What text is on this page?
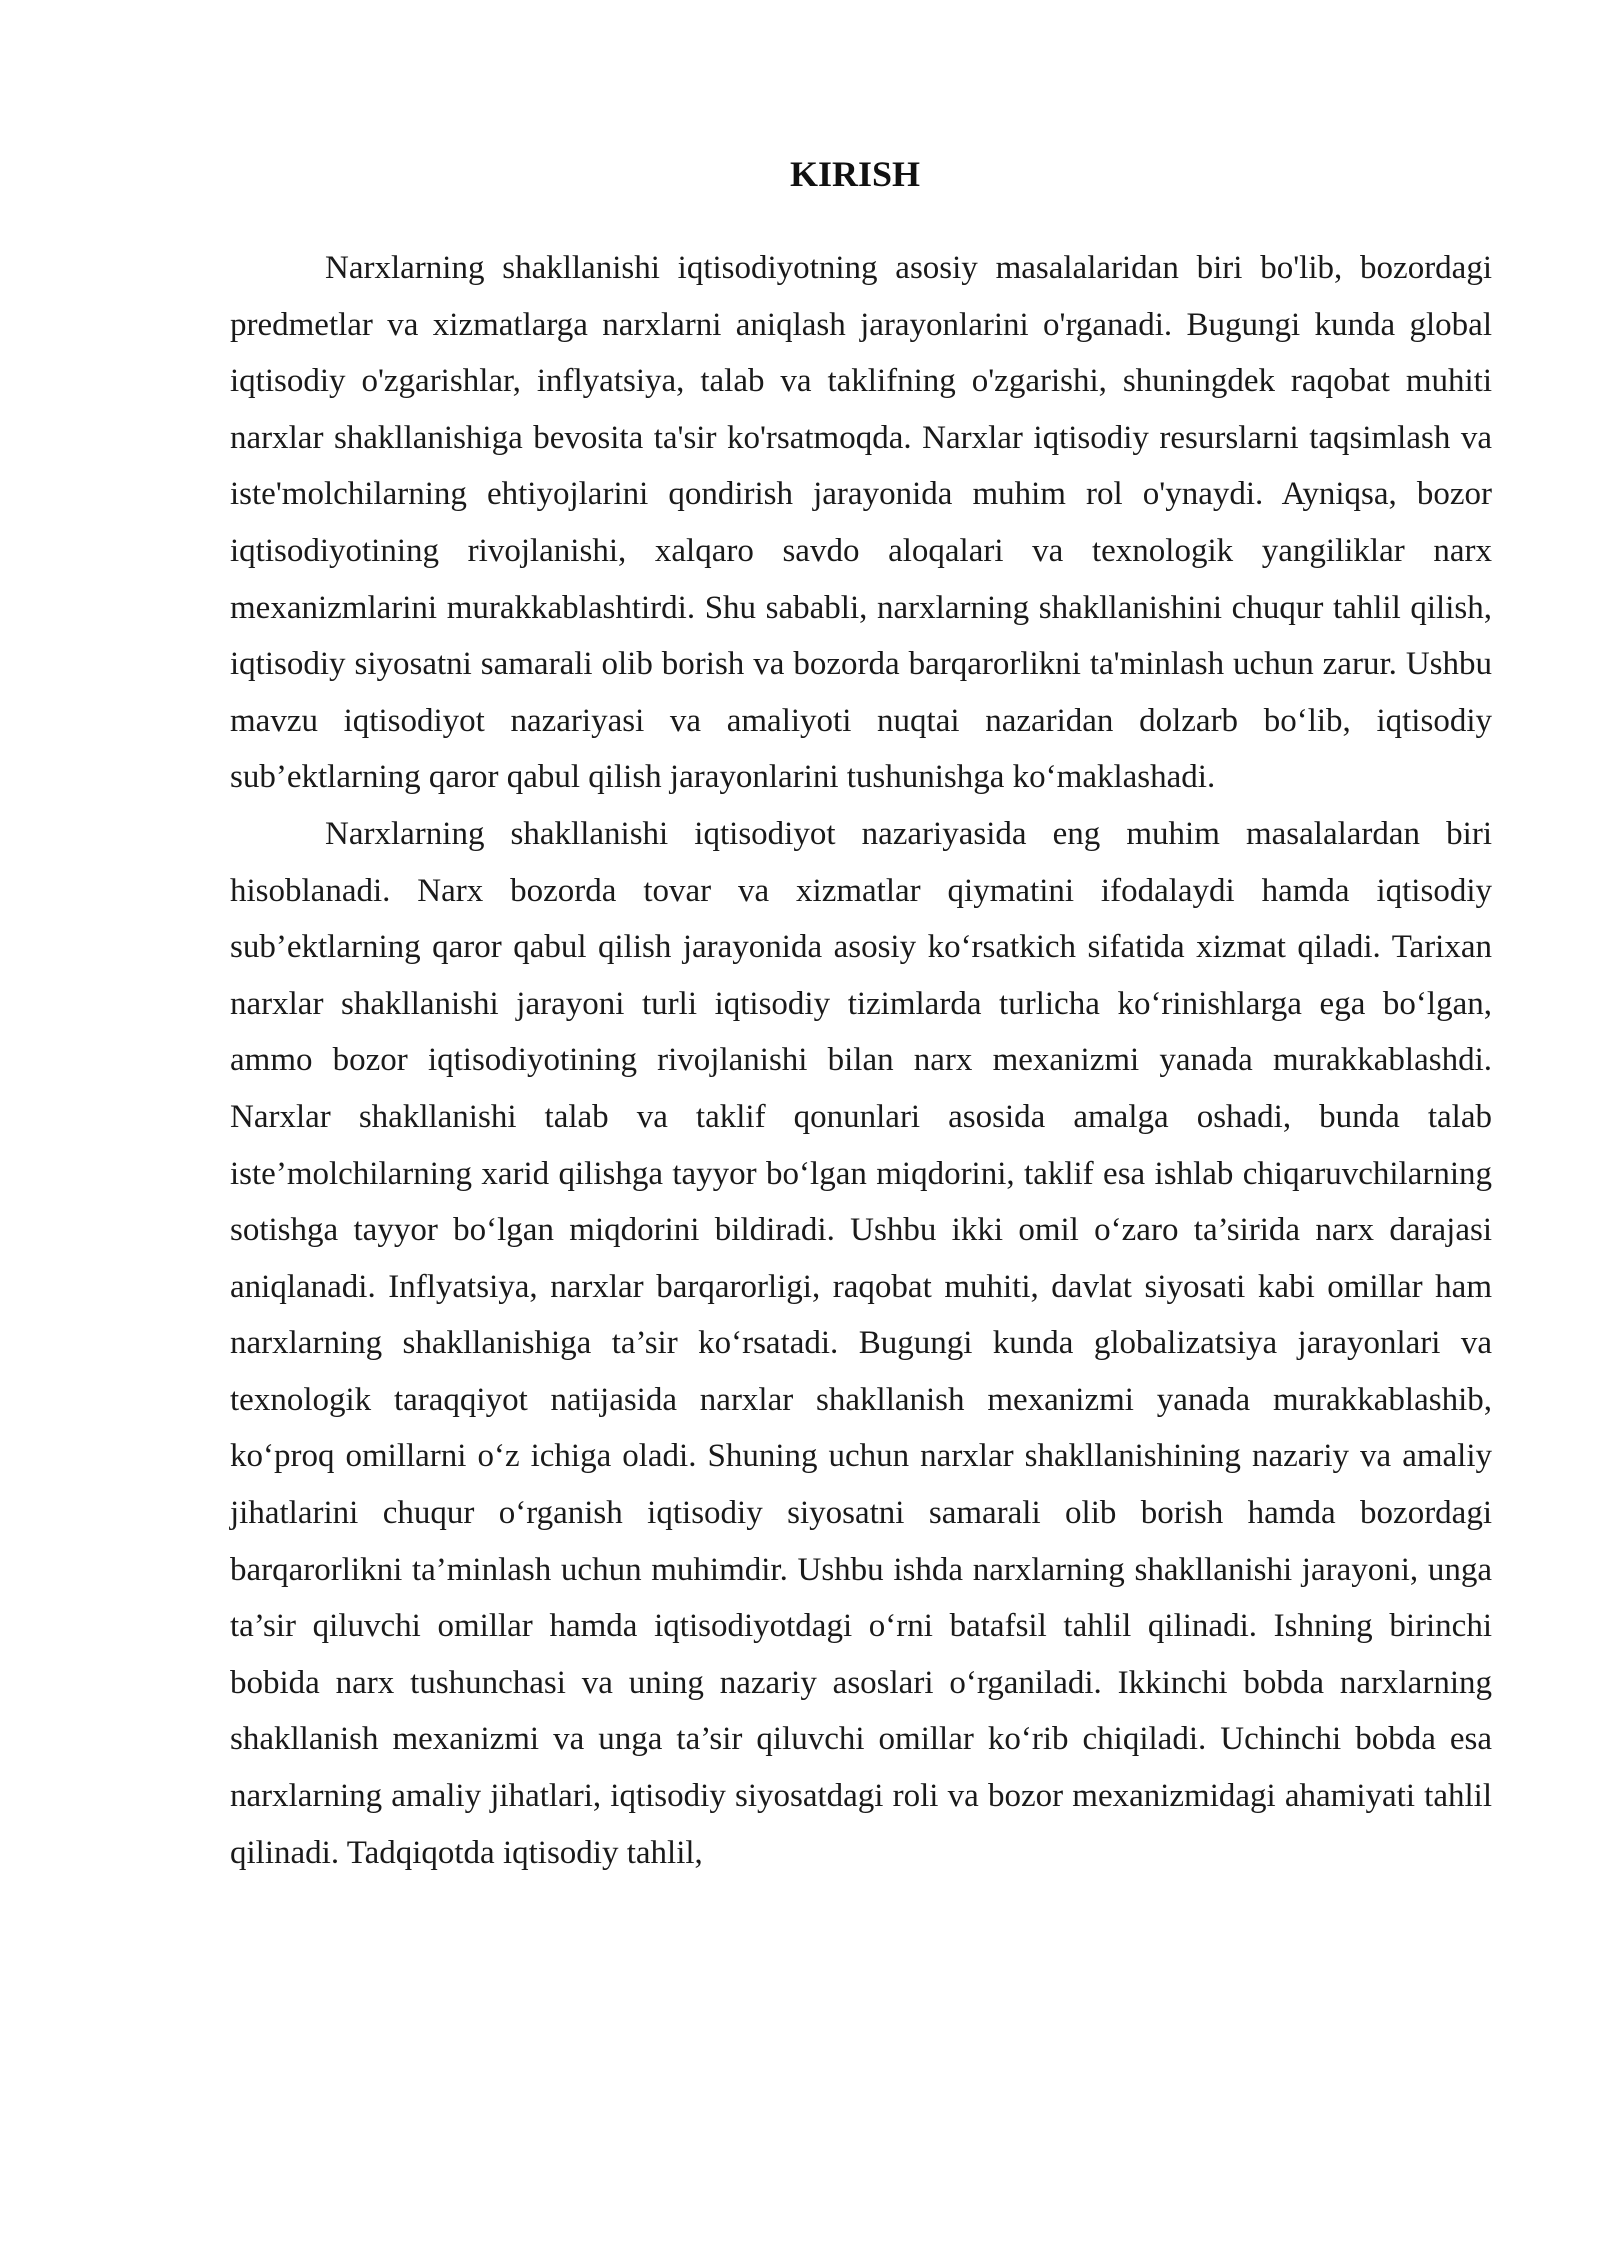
KIRISH

Narxlarning shakllanishi iqtisodiyotning asosiy masalalaridan biri bo'lib, bozordagi predmetlar va xizmatlarga narxlarni aniqlash jarayonlarini o'rganadi. Bugungi kunda global iqtisodiy o'zgarishlar, inflyatsiya, talab va taklifning o'zgarishi, shuningdek raqobat muhiti narxlar shakllanishiga bevosita ta'sir ko'rsatmoqda. Narxlar iqtisodiy resurslarni taqsimlash va iste'molchilarning ehtiyojlarini qondirish jarayonida muhim rol o'ynaydi. Ayniqsa, bozor iqtisodiyotining rivojlanishi, xalqaro savdo aloqalari va texnologik yangiliklar narx mexanizmlarini murakkablashtirdi. Shu sababli, narxlarning shakllanishini chuqur tahlil qilish, iqtisodiy siyosatni samarali olib borish va bozorda barqarorlikni ta'minlash uchun zarur. Ushbu mavzu iqtisodiyot nazariyasi va amaliyoti nuqtai nazaridan dolzarb bo‘lib, iqtisodiy sub’ektlarning qaror qabul qilish jarayonlarini tushunishga ko‘maklashadi.

Narxlarning shakllanishi iqtisodiyot nazariyasida eng muhim masalalardan biri hisoblanadi. Narx bozorda tovar va xizmatlar qiymatini ifodalaydi hamda iqtisodiy sub’ektlarning qaror qabul qilish jarayonida asosiy ko‘rsatkich sifatida xizmat qiladi. Tarixan narxlar shakllanishi jarayoni turli iqtisodiy tizimlarda turlicha ko‘rinishlarga ega bo‘lgan, ammo bozor iqtisodiyotining rivojlanishi bilan narx mexanizmi yanada murakkablashdi. Narxlar shakllanishi talab va taklif qonunlari asosida amalga oshadi, bunda talab iste’molchilarning xarid qilishga tayyor bo‘lgan miqdorini, taklif esa ishlab chiqaruvchilarning sotishga tayyor bo‘lgan miqdorini bildiradi. Ushbu ikki omil o‘zaro ta’sirida narx darajasi aniqlanadi. Inflyatsiya, narxlar barqarorligi, raqobat muhiti, davlat siyosati kabi omillar ham narxlarning shakllanishiga ta’sir ko‘rsatadi. Bugungi kunda globalizatsiya jarayonlari va texnologik taraqqiyot natijasida narxlar shakllanish mexanizmi yanada murakkablashib, ko‘proq omillarni o‘z ichiga oladi. Shuning uchun narxlar shakllanishining nazariy va amaliy jihatlarini chuqur o‘rganish iqtisodiy siyosatni samarali olib borish hamda bozordagi barqarorlikni ta’minlash uchun muhimdir. Ushbu ishda narxlarning shakllanishi jarayoni, unga ta’sir qiluvchi omillar hamda iqtisodiyotdagi o‘rni batafsil tahlil qilinadi. Ishning birinchi bobida narx tushunchasi va uning nazariy asoslari o‘rganiladi. Ikkinchi bobda narxlarning shakllanish mexanizmi va unga ta’sir qiluvchi omillar ko‘rib chiqiladi. Uchinchi bobda esa narxlarning amaliy jihatlari, iqtisodiy siyosatdagi roli va bozor mexanizmidagi ahamiyati tahlil qilinadi. Tadqiqotda iqtisodiy tahlil,
